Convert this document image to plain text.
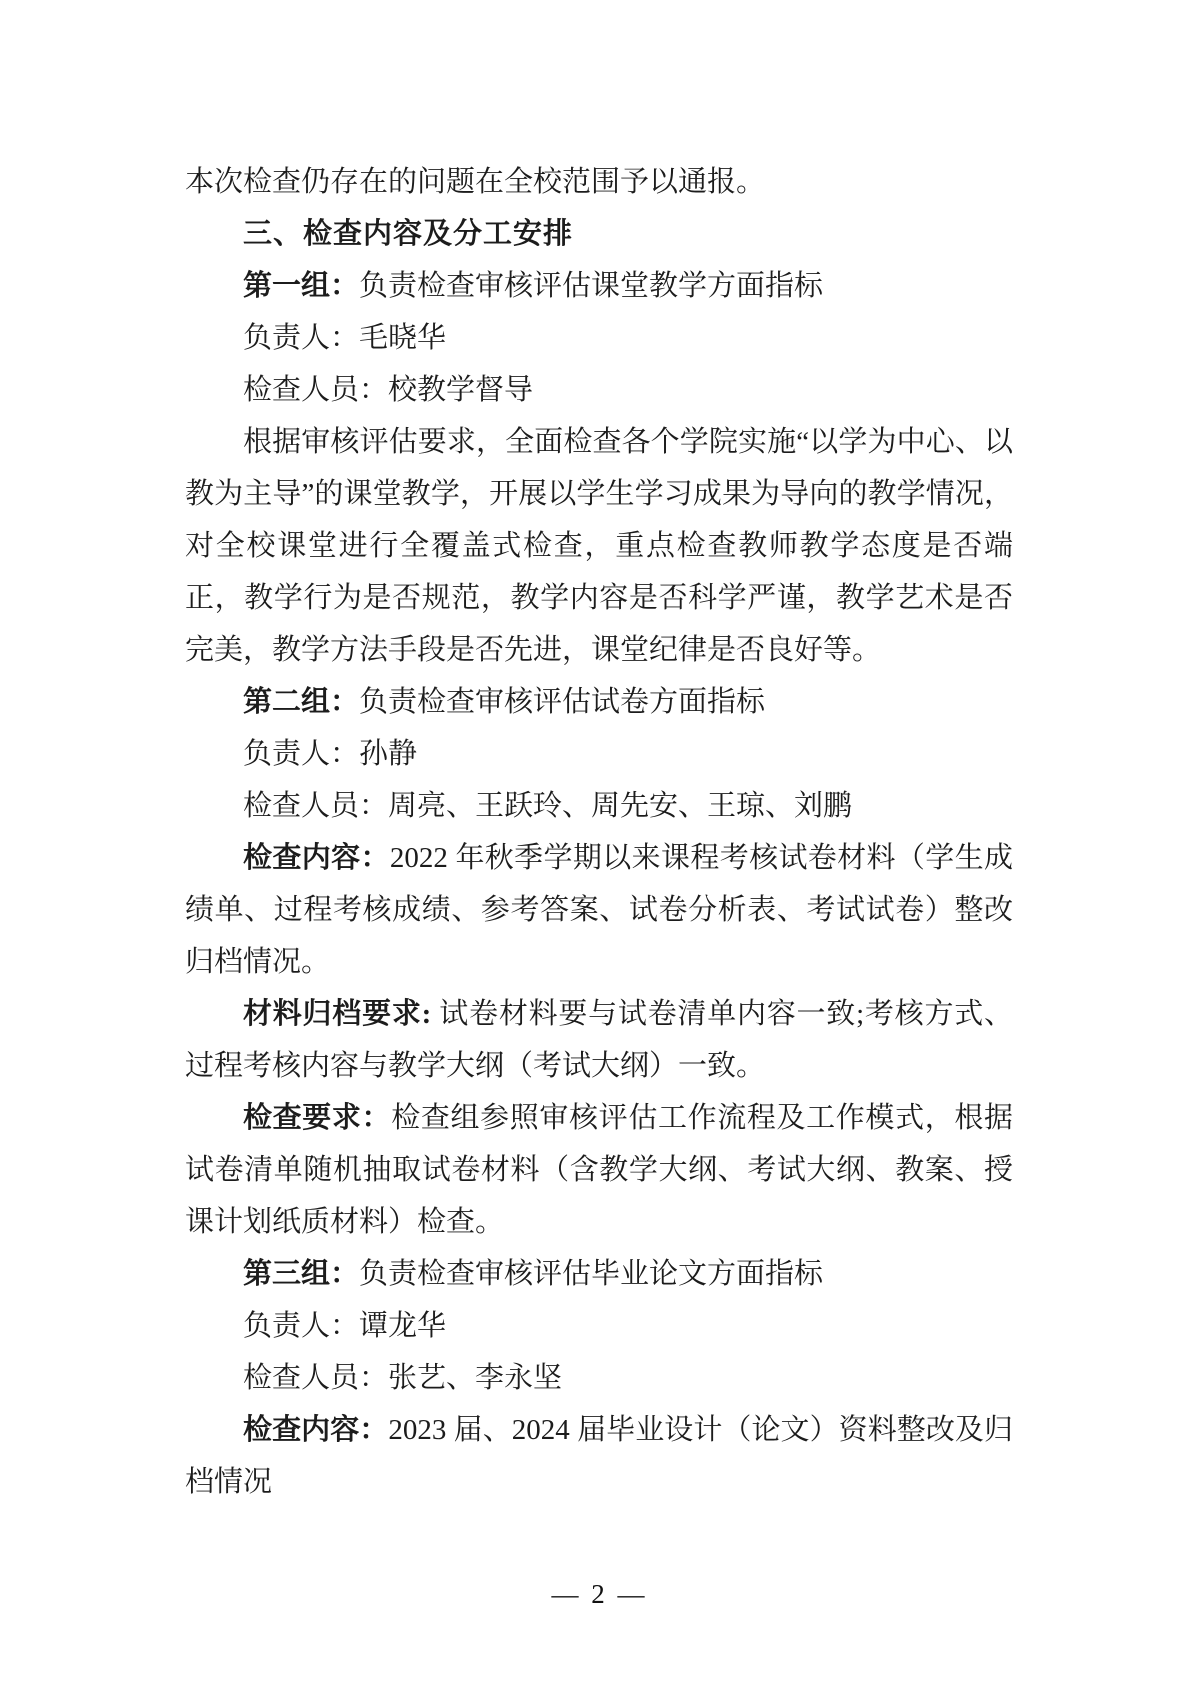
本次检查仍存在的问题在全校范围予以通报。

三、检查内容及分工安排

第一组：负责检查审核评估课堂教学方面指标

负责人：毛晓华

检查人员：校教学督导

根据审核评估要求，全面检查各个学院实施“以学为中心、以教为主导”的课堂教学，开展以学生学习成果为导向的教学情况，对全校课堂进行全覆盖式检查，重点检查教师教学态度是否端正，教学行为是否规范，教学内容是否科学严谨，教学艺术是否完美，教学方法手段是否先进，课堂纪律是否良好等。

第二组：负责检查审核评估试卷方面指标

负责人：孙静

检查人员：周亮、王跃玲、周先安、王琼、刘鹏

检查内容：2022 年秋季学期以来课程考核试卷材料（学生成绩单、过程考核成绩、参考答案、试卷分析表、考试试卷）整改归档情况。

材料归档要求: 试卷材料要与试卷清单内容一致;考核方式、过程考核内容与教学大纲（考试大纲）一致。

检查要求：检查组参照审核评估工作流程及工作模式，根据试卷清单随机抽取试卷材料（含教学大纲、考试大纲、教案、授课计划纸质材料）检查。

第三组：负责检查审核评估毕业论文方面指标

负责人：谭龙华

检查人员：张艺、李永坚

检查内容：2023 届、2024 届毕业设计（论文）资料整改及归档情况

— 2 —
